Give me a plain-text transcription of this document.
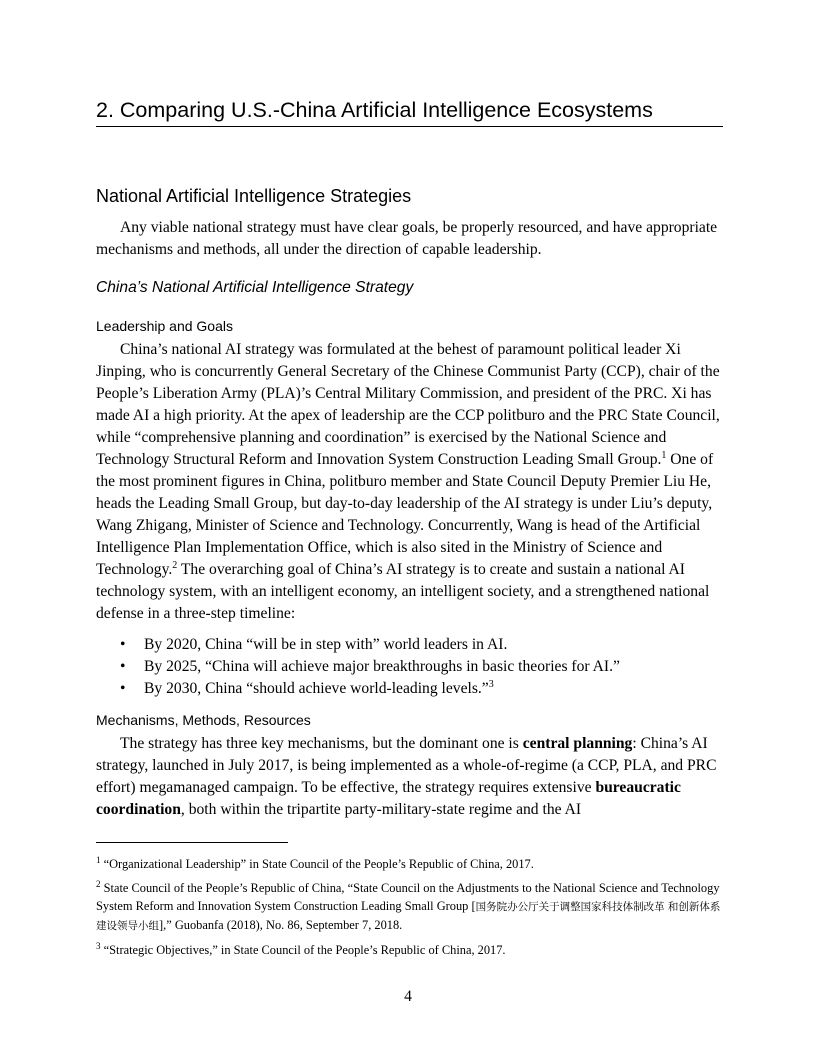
2. Comparing U.S.-China Artificial Intelligence Ecosystems
National Artificial Intelligence Strategies

Any viable national strategy must have clear goals, be properly resourced, and have appropriate mechanisms and methods, all under the direction of capable leadership.

China’s National Artificial Intelligence Strategy
Leadership and Goals

China’s national AI strategy was formulated at the behest of paramount political leader Xi Jinping, who is concurrently General Secretary of the Chinese Communist Party (CCP), chair of the People’s Liberation Army (PLA)’s Central Military Commission, and president of the PRC. Xi has made AI a high priority. At the apex of leadership are the CCP politburo and the PRC State Council, while “comprehensive planning and coordination” is exercised by the National Science and Technology Structural Reform and Innovation System Construction Leading Small Group.$^1$ One of the most prominent figures in China, politburo member and State Council Deputy Premier Liu He, heads the Leading Small Group, but day-to-day leadership of the AI strategy is under Liu’s deputy, Wang Zhigang, Minister of Science and Technology. Concurrently, Wang is head of the Artificial Intelligence Plan Implementation Office, which is also sited in the Ministry of Science and Technology.$^2$ The overarching goal of China’s AI strategy is to create and sustain a national AI technology system, with an intelligent economy, an intelligent society, and a strengthened national defense in a three-step timeline:

• By 2020, China “will be in step with” world leaders in AI.
• By 2025, “China will achieve major breakthroughs in basic theories for AI.”
• By 2030, China “should achieve world-leading levels.”$^3$
Mechanisms, Methods, Resources

The strategy has three key mechanisms, but the dominant one is central planning: China’s AI strategy, launched in July 2017, is being implemented as a whole-of-regime (a CCP, PLA, and PRC effort) megamanaged campaign. To be effective, the strategy requires extensive bureaucratic coordination, both within the tripartite party-military-state regime and the AI

$^1$ “Organizational Leadership” in State Council of the People’s Republic of China, 2017.

$^2$ State Council of the People’s Republic of China, “State Council on the Adjustments to the National Science and Technology System Reform and Innovation System Construction Leading Small Group [国务院办公厅关于调整国家科技体制改革 和创新体系建设领导小组],” Guobanfa (2018), No. 86, September 7, 2018.

$^3$ “Strategic Objectives,” in State Council of the People’s Republic of China, 2017.

4
